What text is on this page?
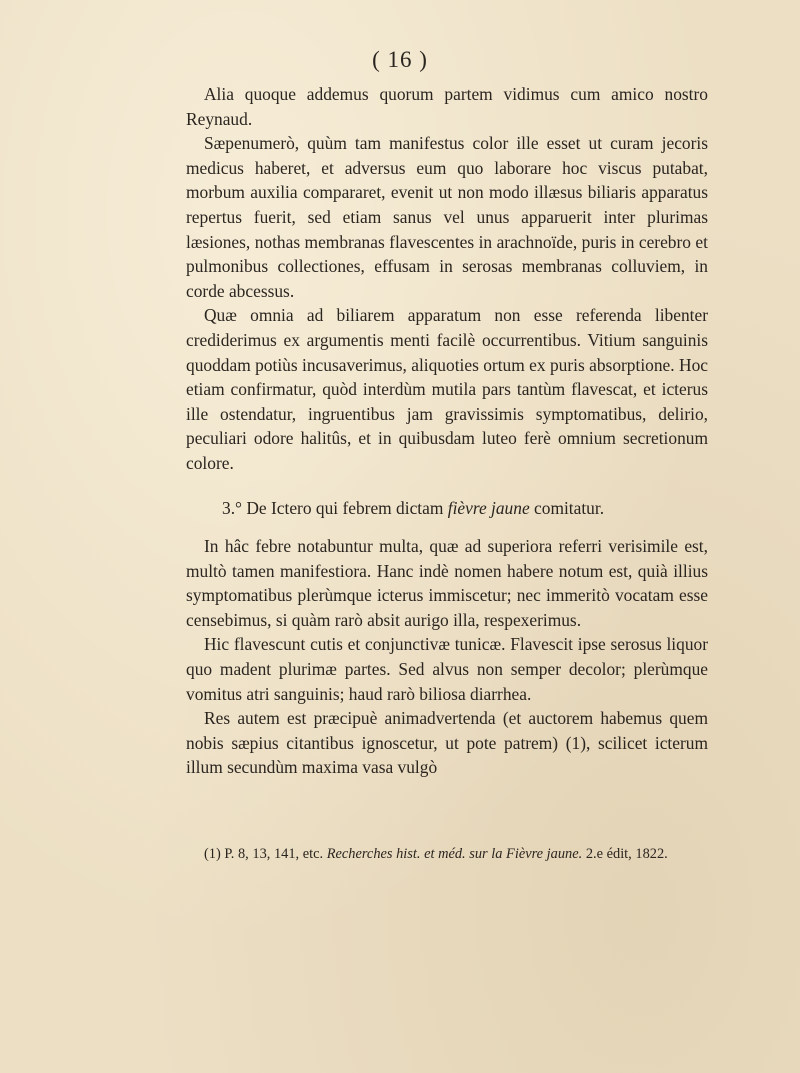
( 16 )

Alia quoque addemus quorum partem vidimus cum amico nostro Reynaud.

Sæpenumerò, quùm tam manifestus color ille esset ut curam jecoris medicus haberet, et adversus eum quo laborare hoc viscus putabat, morbum auxilia compararet, evenit ut non modo illæsus biliaris apparatus repertus fuerit, sed etiam sanus vel unus apparuerit inter plurimas læsiones, nothas membranas flavescentes in arachnoïde, puris in cerebro et pulmonibus collectiones, effusam in serosas membranas colluviem, in corde abcessus.

Quæ omnia ad biliarem apparatum non esse referenda libenter crediderimus ex argumentis menti facilè occurrentibus. Vitium sanguinis quoddam potiùs incusaverimus, aliquoties ortum ex puris absorptione. Hoc etiam confirmatur, quòd interdùm mutila pars tantùm flavescat, et icterus ille ostendatur, ingruentibus jam gravissimis symptomatibus, delirio, peculiari odore halitûs, et in quibusdam luteo ferè omnium secretionum colore.

3.° De Ictero qui febrem dictam fièvre jaune comitatur.

In hâc febre notabuntur multa, quæ ad superiora referri verisimile est, multò tamen manifestiora. Hanc indè nomen habere notum est, quià illius symptomatibus plerùmque icterus immiscetur; nec immeritò vocatam esse censebimus, si quàm rarò absit aurigo illa, respexerimus.

Hic flavescunt cutis et conjunctivæ tunicæ. Flavescit ipse serosus liquor quo madent plurimæ partes. Sed alvus non semper decolor; plerùmque vomitus atri sanguinis; haud rarò biliosa diarrhea.

Res autem est præcipuè animadvertenda (et auctorem habemus quem nobis sæpius citantibus ignoscetur, ut pote patrem) (1), scilicet icterum illum secundùm maxima vasa vulgò

(1) P. 8, 13, 141, etc. Recherches hist. et méd. sur la Fièvre jaune. 2.e édit, 1822.
